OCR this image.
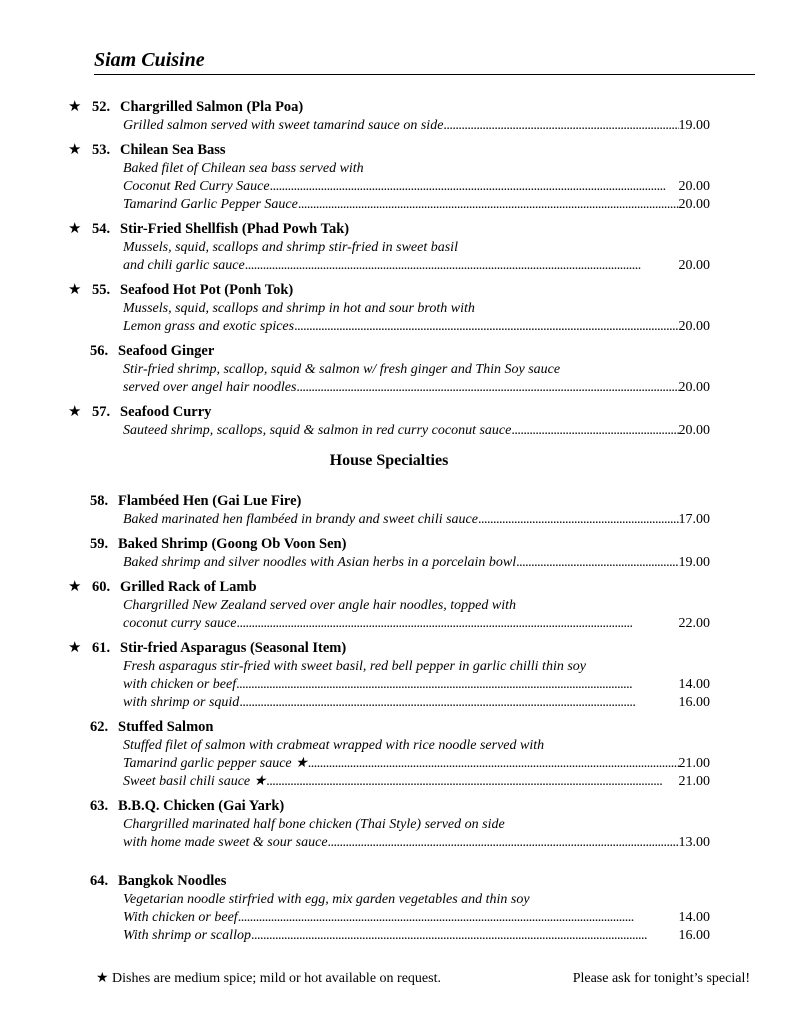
Siam Cuisine
★ 52. Chargrilled Salmon (Pla Poa)
Grilled salmon served with sweet tamarind sauce on side . . .	19.00
★ 53. Chilean Sea Bass
Baked filet of Chilean sea bass served with
Coconut Red Curry Sauce . . .	20.00
Tamarind Garlic Pepper Sauce . . .	20.00
★ 54. Stir-Fried Shellfish (Phad Powh Tak)
Mussels, squid, scallops and shrimp stir-fried in sweet basil
and chili garlic sauce . . .	20.00
★ 55. Seafood Hot Pot (Ponh Tok)
Mussels, squid, scallops and shrimp in hot and sour broth with
Lemon grass and exotic spices . . .	20.00
56. Seafood Ginger
Stir-fried shrimp, scallop, squid & salmon w/ fresh ginger and Thin Soy sauce
served over angel hair noodles . . .	20.00
★ 57. Seafood Curry
Sauteed shrimp, scallops, squid & salmon in red curry coconut sauce . . .	20.00
House Specialties
58. Flambéed Hen (Gai Lue Fire)
Baked marinated hen flambéed in brandy and sweet chili sauce . . .	17.00
59. Baked Shrimp (Goong Ob Voon Sen)
Baked shrimp and silver noodles with Asian herbs in a porcelain bowl . . .	19.00
★ 60. Grilled Rack of Lamb
Chargrilled New Zealand served over angle hair noodles, topped with
coconut curry sauce . . .	22.00
★ 61. Stir-fried Asparagus (Seasonal Item)
Fresh asparagus stir-fried with sweet basil, red bell pepper in garlic chilli thin soy
with chicken or beef . . .	14.00
with shrimp or squid . . .	16.00
62. Stuffed Salmon
Stuffed filet of salmon with crabmeat wrapped with rice noodle served with
Tamarind garlic pepper sauce ★ . . .	21.00
Sweet basil chili sauce ★ . . .	21.00
63. B.B.Q. Chicken (Gai Yark)
Chargrilled marinated half bone chicken (Thai Style) served on side
with home made sweet & sour sauce . . .	13.00
64. Bangkok Noodles
Vegetarian noodle stirfried with egg, mix garden vegetables and thin soy
With chicken or beef . . .	14.00
With shrimp or scallop . . .	16.00
★ Dishes are medium spice; mild or hot available on request.	Please ask for tonight’s special!
